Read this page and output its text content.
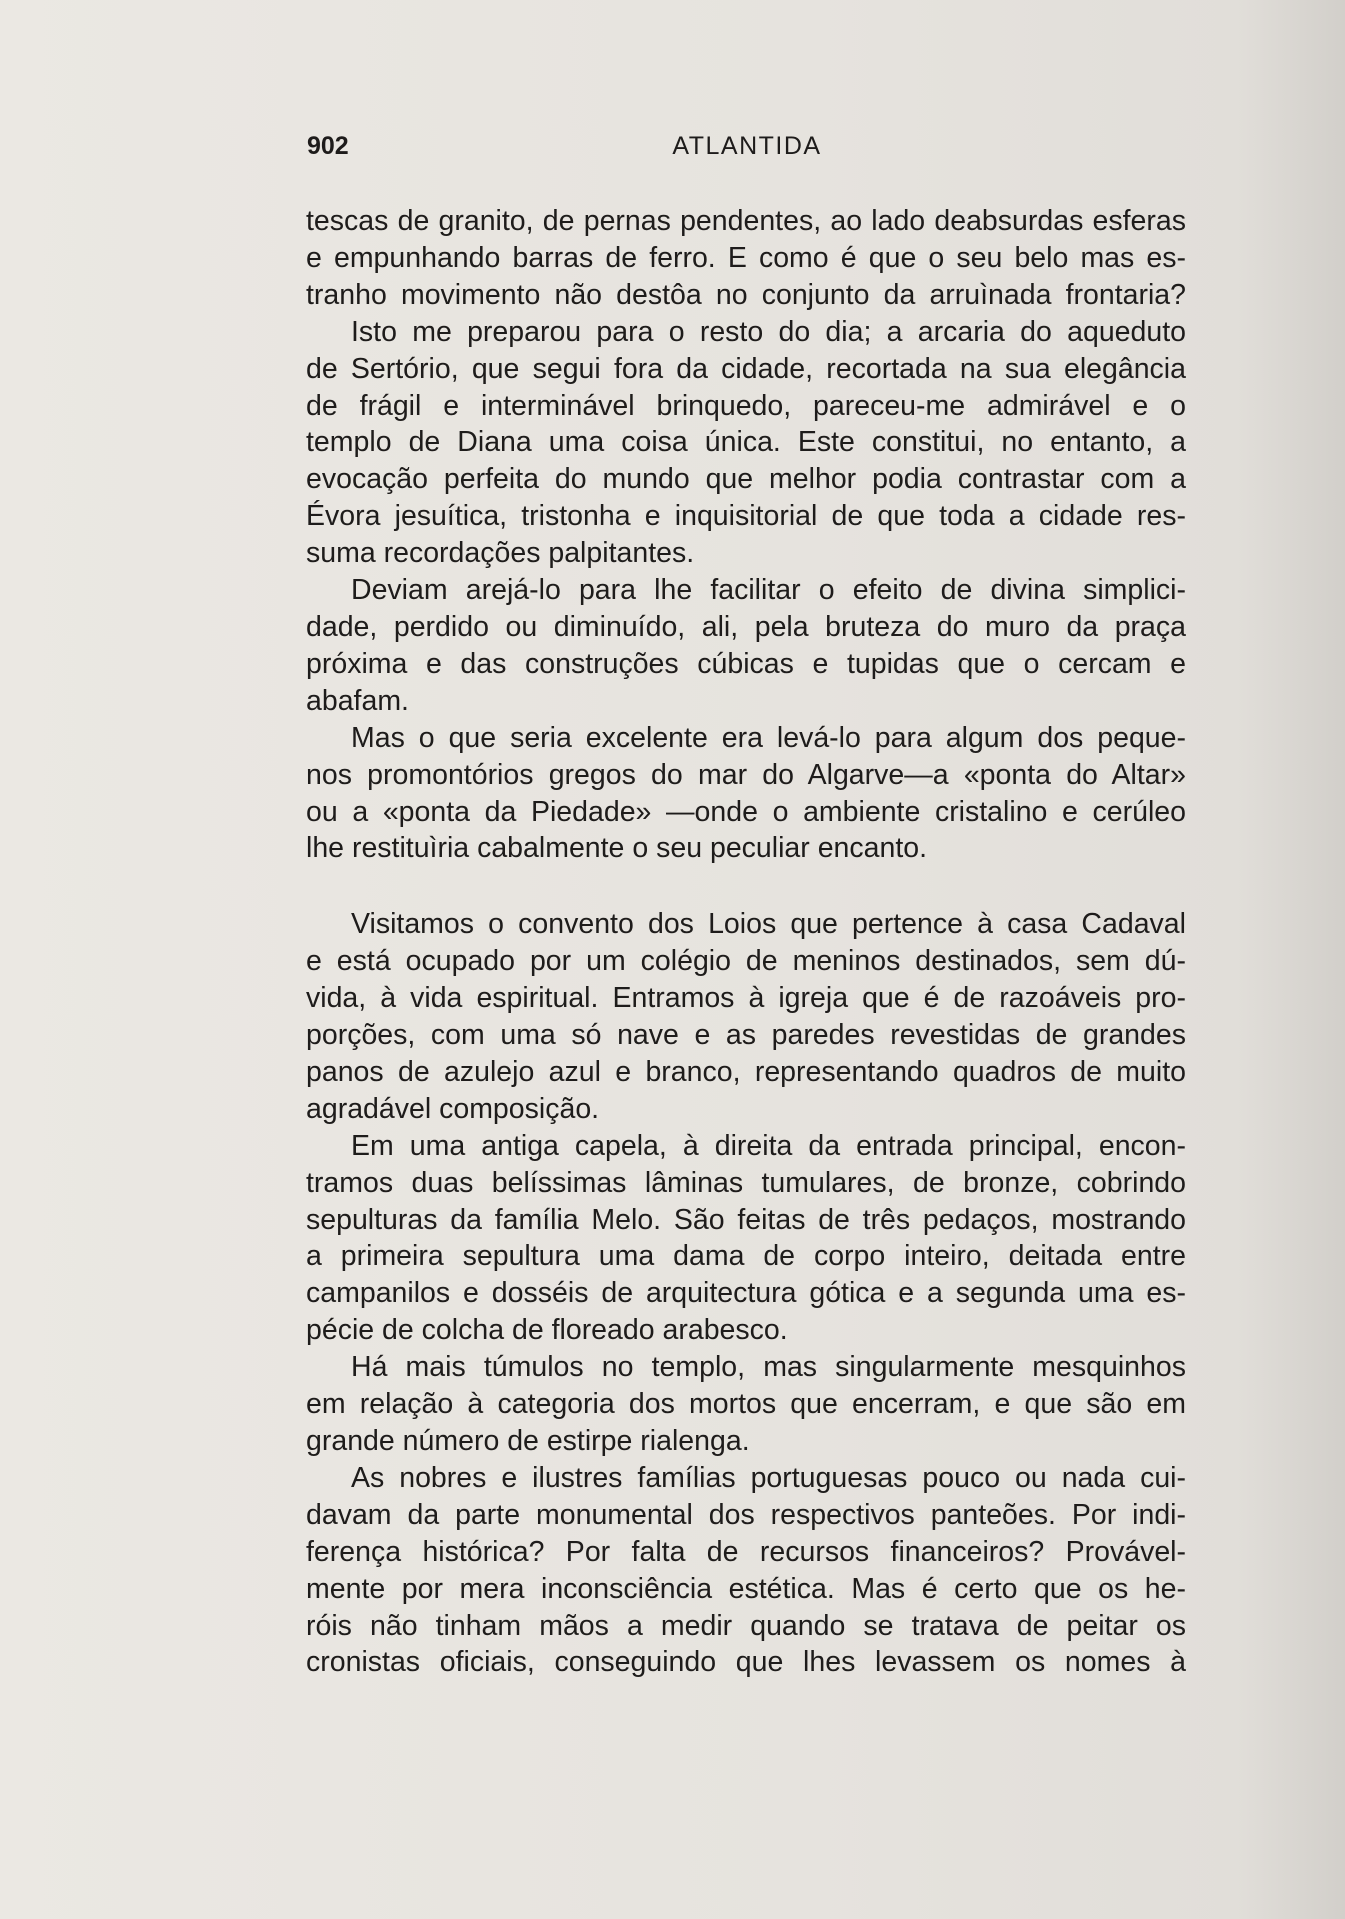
902	ATLANTIDA
tescas de granito, de pernas pendentes, ao lado deabsurdas esferas
e empunhando barras de ferro. E como é que o seu belo mas es-
tranho movimento não destôa no conjunto da arruìnada frontaria?
Isto me preparou para o resto do dia; a arcaria do aqueduto
de Sertório, que segui fora da cidade, recortada na sua elegância
de frágil e interminável brinquedo, pareceu-me admirável e o
templo de Diana uma coisa única. Este constitui, no entanto, a
evocação perfeita do mundo que melhor podia contrastar com a
Évora jesuítica, tristonha e inquisitorial de que toda a cidade res-
suma recordações palpitantes.
Deviam arejá-lo para lhe facilitar o efeito de divina simplici-
dade, perdido ou diminuído, ali, pela bruteza do muro da praça
próxima e das construções cúbicas e tupidas que o cercam e
abafam.
Mas o que seria excelente era levá-lo para algum dos peque-
nos promontórios gregos do mar do Algarve—a «ponta do Altar»
ou a «ponta da Piedade» —onde o ambiente cristalino e cerúleo
lhe restituìria cabalmente o seu peculiar encanto.
Visitamos o convento dos Loios que pertence à casa Cadaval
e está ocupado por um colégio de meninos destinados, sem dú-
vida, à vida espiritual. Entramos à igreja que é de razoáveis pro-
porções, com uma só nave e as paredes revestidas de grandes
panos de azulejo azul e branco, representando quadros de muito
agradável composição.
Em uma antiga capela, à direita da entrada principal, encon-
tramos duas belíssimas lâminas tumulares, de bronze, cobrindo
sepulturas da família Melo. São feitas de três pedaços, mostrando
a primeira sepultura uma dama de corpo inteiro, deitada entre
campanilos e dosséis de arquitectura gótica e a segunda uma es-
pécie de colcha de floreado arabesco.
Há mais túmulos no templo, mas singularmente mesquinhos
em relação à categoria dos mortos que encerram, e que são em
grande número de estirpe rialenga.
As nobres e ilustres famílias portuguesas pouco ou nada cui-
davam da parte monumental dos respectivos panteões. Por indi-
ferença histórica? Por falta de recursos financeiros? Provável-
mente por mera inconsciência estética. Mas é certo que os he-
róis não tinham mãos a medir quando se tratava de peitar os
cronistas oficiais, conseguindo que lhes levassem os nomes à
